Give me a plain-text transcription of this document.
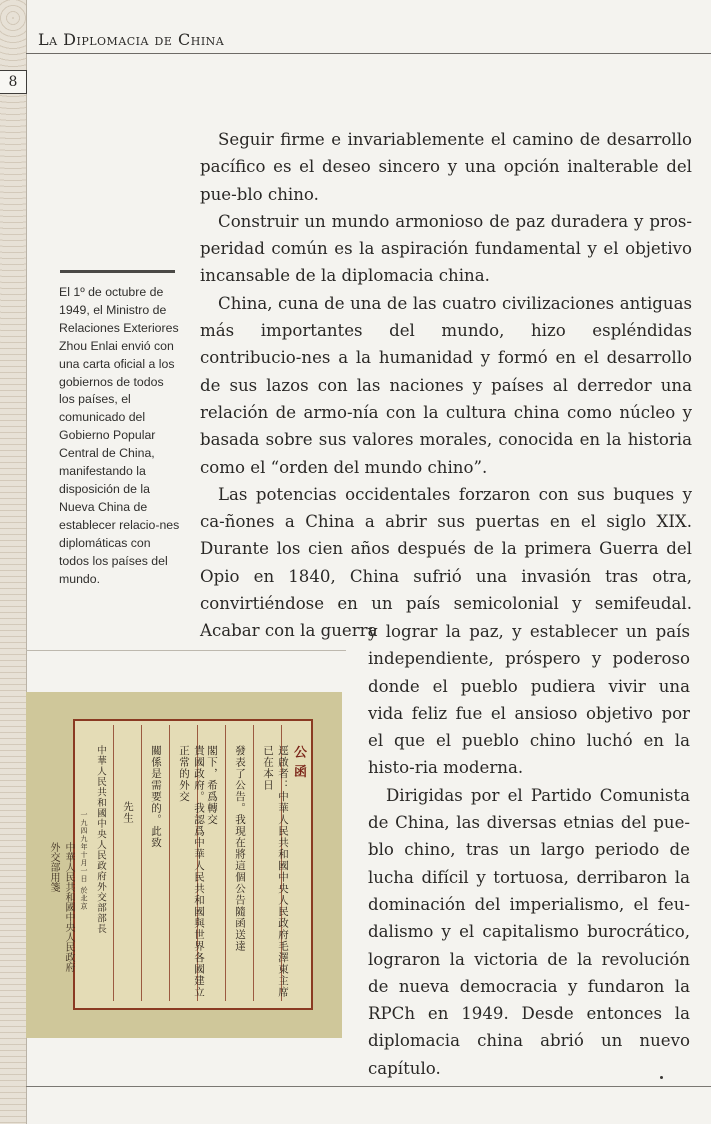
La Diplomacia de China
8
El 1º de octubre de 1949, el Ministro de Relaciones Exteriores Zhou Enlai envió con una carta oficial a los gobiernos de todos los países, el comunicado del Gobierno Popular Central de China, manifestando la disposición de la Nueva China de establecer relacio-nes diplomáticas con todos los países del mundo.

Seguir firme e invariablemente el camino de desarrollo pacífico es el deseo sincero y una opción inalterable del pue-blo chino.

Construir un mundo armonioso de paz duradera y pros-peridad común es la aspiración fundamental y el objetivo incansable de la diplomacia china.

China, cuna de una de las cuatro civilizaciones antiguas más importantes del mundo, hizo espléndidas contribucio-nes a la humanidad y formó en el desarrollo de sus lazos con las naciones y países al derredor una relación de armo-nía con la cultura china como núcleo y basada sobre sus valores morales, conocida en la historia como el “orden del mundo chino”.

Las potencias occidentales forzaron con sus buques y ca-ñones a China a abrir sus puertas en el siglo XIX. Durante los cien años después de la primera Guerra del Opio en 1840, China sufrió una invasión tras otra, convirtiéndose en un país semicolonial y semifeudal. Acabar con la guerra

公 函
逕啟者：中華人民共和國中央人民政府毛澤東主席已在本日
發表了公告。我現在將這個公告隨函送達
閣下，希爲轉交
貴國政府。我認爲中華人民共和國與世界各國建立正常的外交
關係是需要的。此致
先生
中華人民共和國中央人民政府外交部部長
一九四九年十月一日 於北京
中華人民共和國中央人民政府 外交部用箋

y lograr la paz, y establecer un país independiente, próspero y poderoso donde el pueblo pudiera vivir una vida feliz fue el ansioso objetivo por el que el pueblo chino luchó en la histo-ria moderna.

Dirigidas por el Partido Comunista de China, las diversas etnias del pue-blo chino, tras un largo periodo de lucha difícil y tortuosa, derribaron la dominación del imperialismo, el feu-dalismo y el capitalismo burocrático, lograron la victoria de la revolución de nueva democracia y fundaron la RPCh en 1949. Desde entonces la diplomacia china abrió un nuevo capítulo.
